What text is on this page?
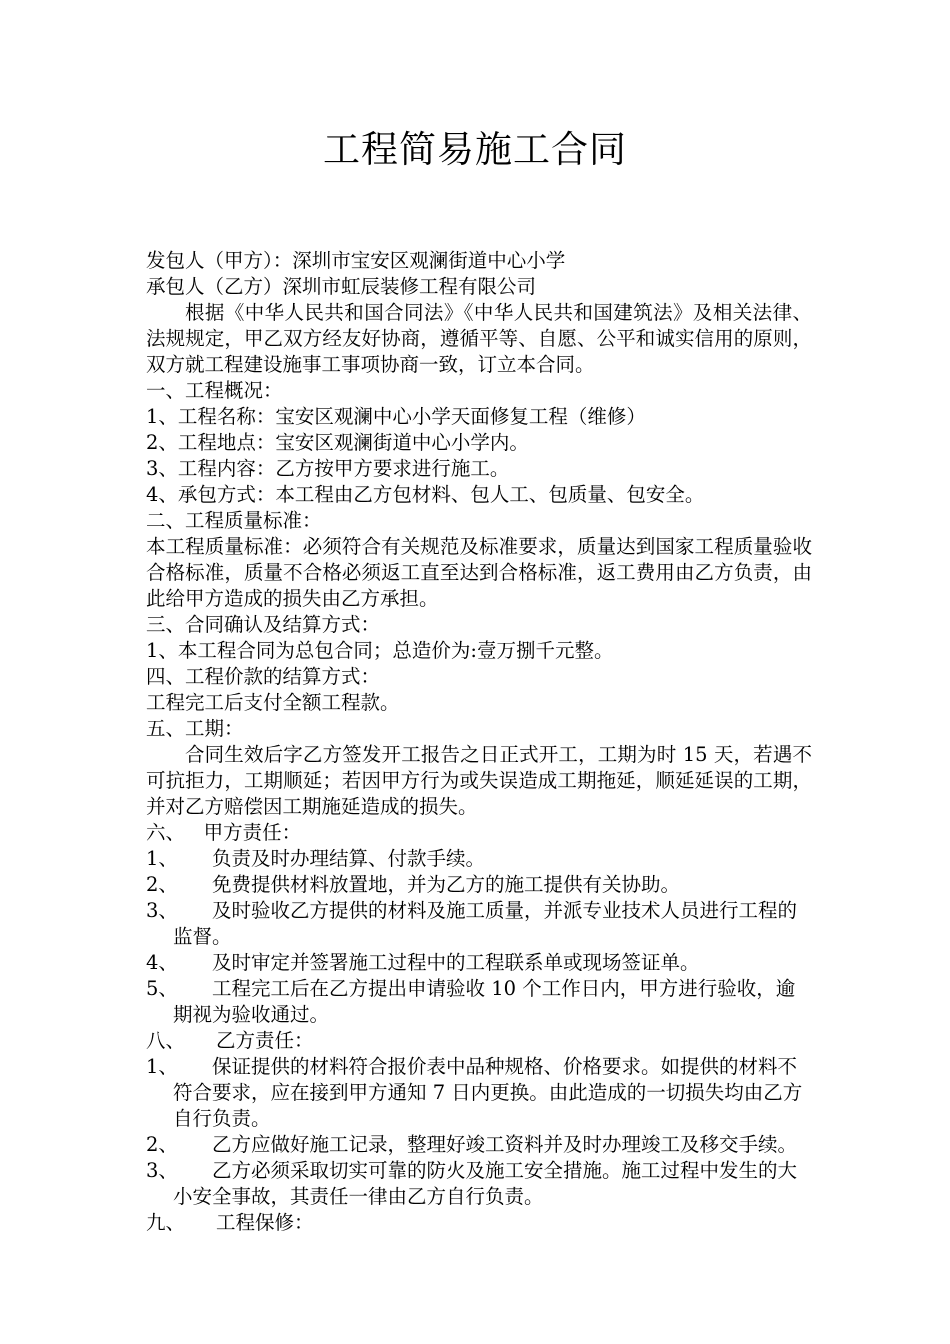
工程简易施工合同
发包人（甲方）：深圳市宝安区观澜街道中心小学
承包人（乙方）深圳市虹辰装修工程有限公司
根据《中华人民共和国合同法》《中华人民共和国建筑法》及相关法律、法规规定，甲乙双方经友好协商，遵循平等、自愿、公平和诚实信用的原则，双方就工程建设施事工事项协商一致，订立本合同。
一、工程概况：
1、工程名称：宝安区观澜中心小学天面修复工程（维修）
2、工程地点：宝安区观澜街道中心小学内。
3、工程内容：乙方按甲方要求进行施工。
4、承包方式：本工程由乙方包材料、包人工、包质量、包安全。
二、工程质量标准：
本工程质量标准：必须符合有关规范及标准要求，质量达到国家工程质量验收合格标准，质量不合格必须返工直至达到合格标准，返工费用由乙方负责，由此给甲方造成的损失由乙方承担。
三、合同确认及结算方式：
1、本工程合同为总包合同；总造价为:壹万捌千元整。
四、工程价款的结算方式：
工程完工后支付全额工程款。
五、工期：
合同生效后字乙方签发开工报告之日正式开工，工期为时 15 天，若遇不可抗拒力，工期顺延；若因甲方行为或失误造成工期拖延，顺延延误的工期，并对乙方赔偿因工期施延造成的损失。
六、   甲方责任：
1、 负责及时办理结算、付款手续。
2、 免费提供材料放置地，并为乙方的施工提供有关协助。
3、 及时验收乙方提供的材料及施工质量，并派专业技术人员进行工程的监督。
4、 及时审定并签署施工过程中的工程联系单或现场签证单。
5、 工程完工后在乙方提出申请验收 10 个工作日内，甲方进行验收，逾期视为验收通过。
八、     乙方责任：
1、 保证提供的材料符合报价表中品种规格、价格要求。如提供的材料不符合要求，应在接到甲方通知 7 日内更换。由此造成的一切损失均由乙方自行负责。
2、 乙方应做好施工记录，整理好竣工资料并及时办理竣工及移交手续。
3、 乙方必须采取切实可靠的防火及施工安全措施。施工过程中发生的大小安全事故，其责任一律由乙方自行负责。
九、     工程保修：
